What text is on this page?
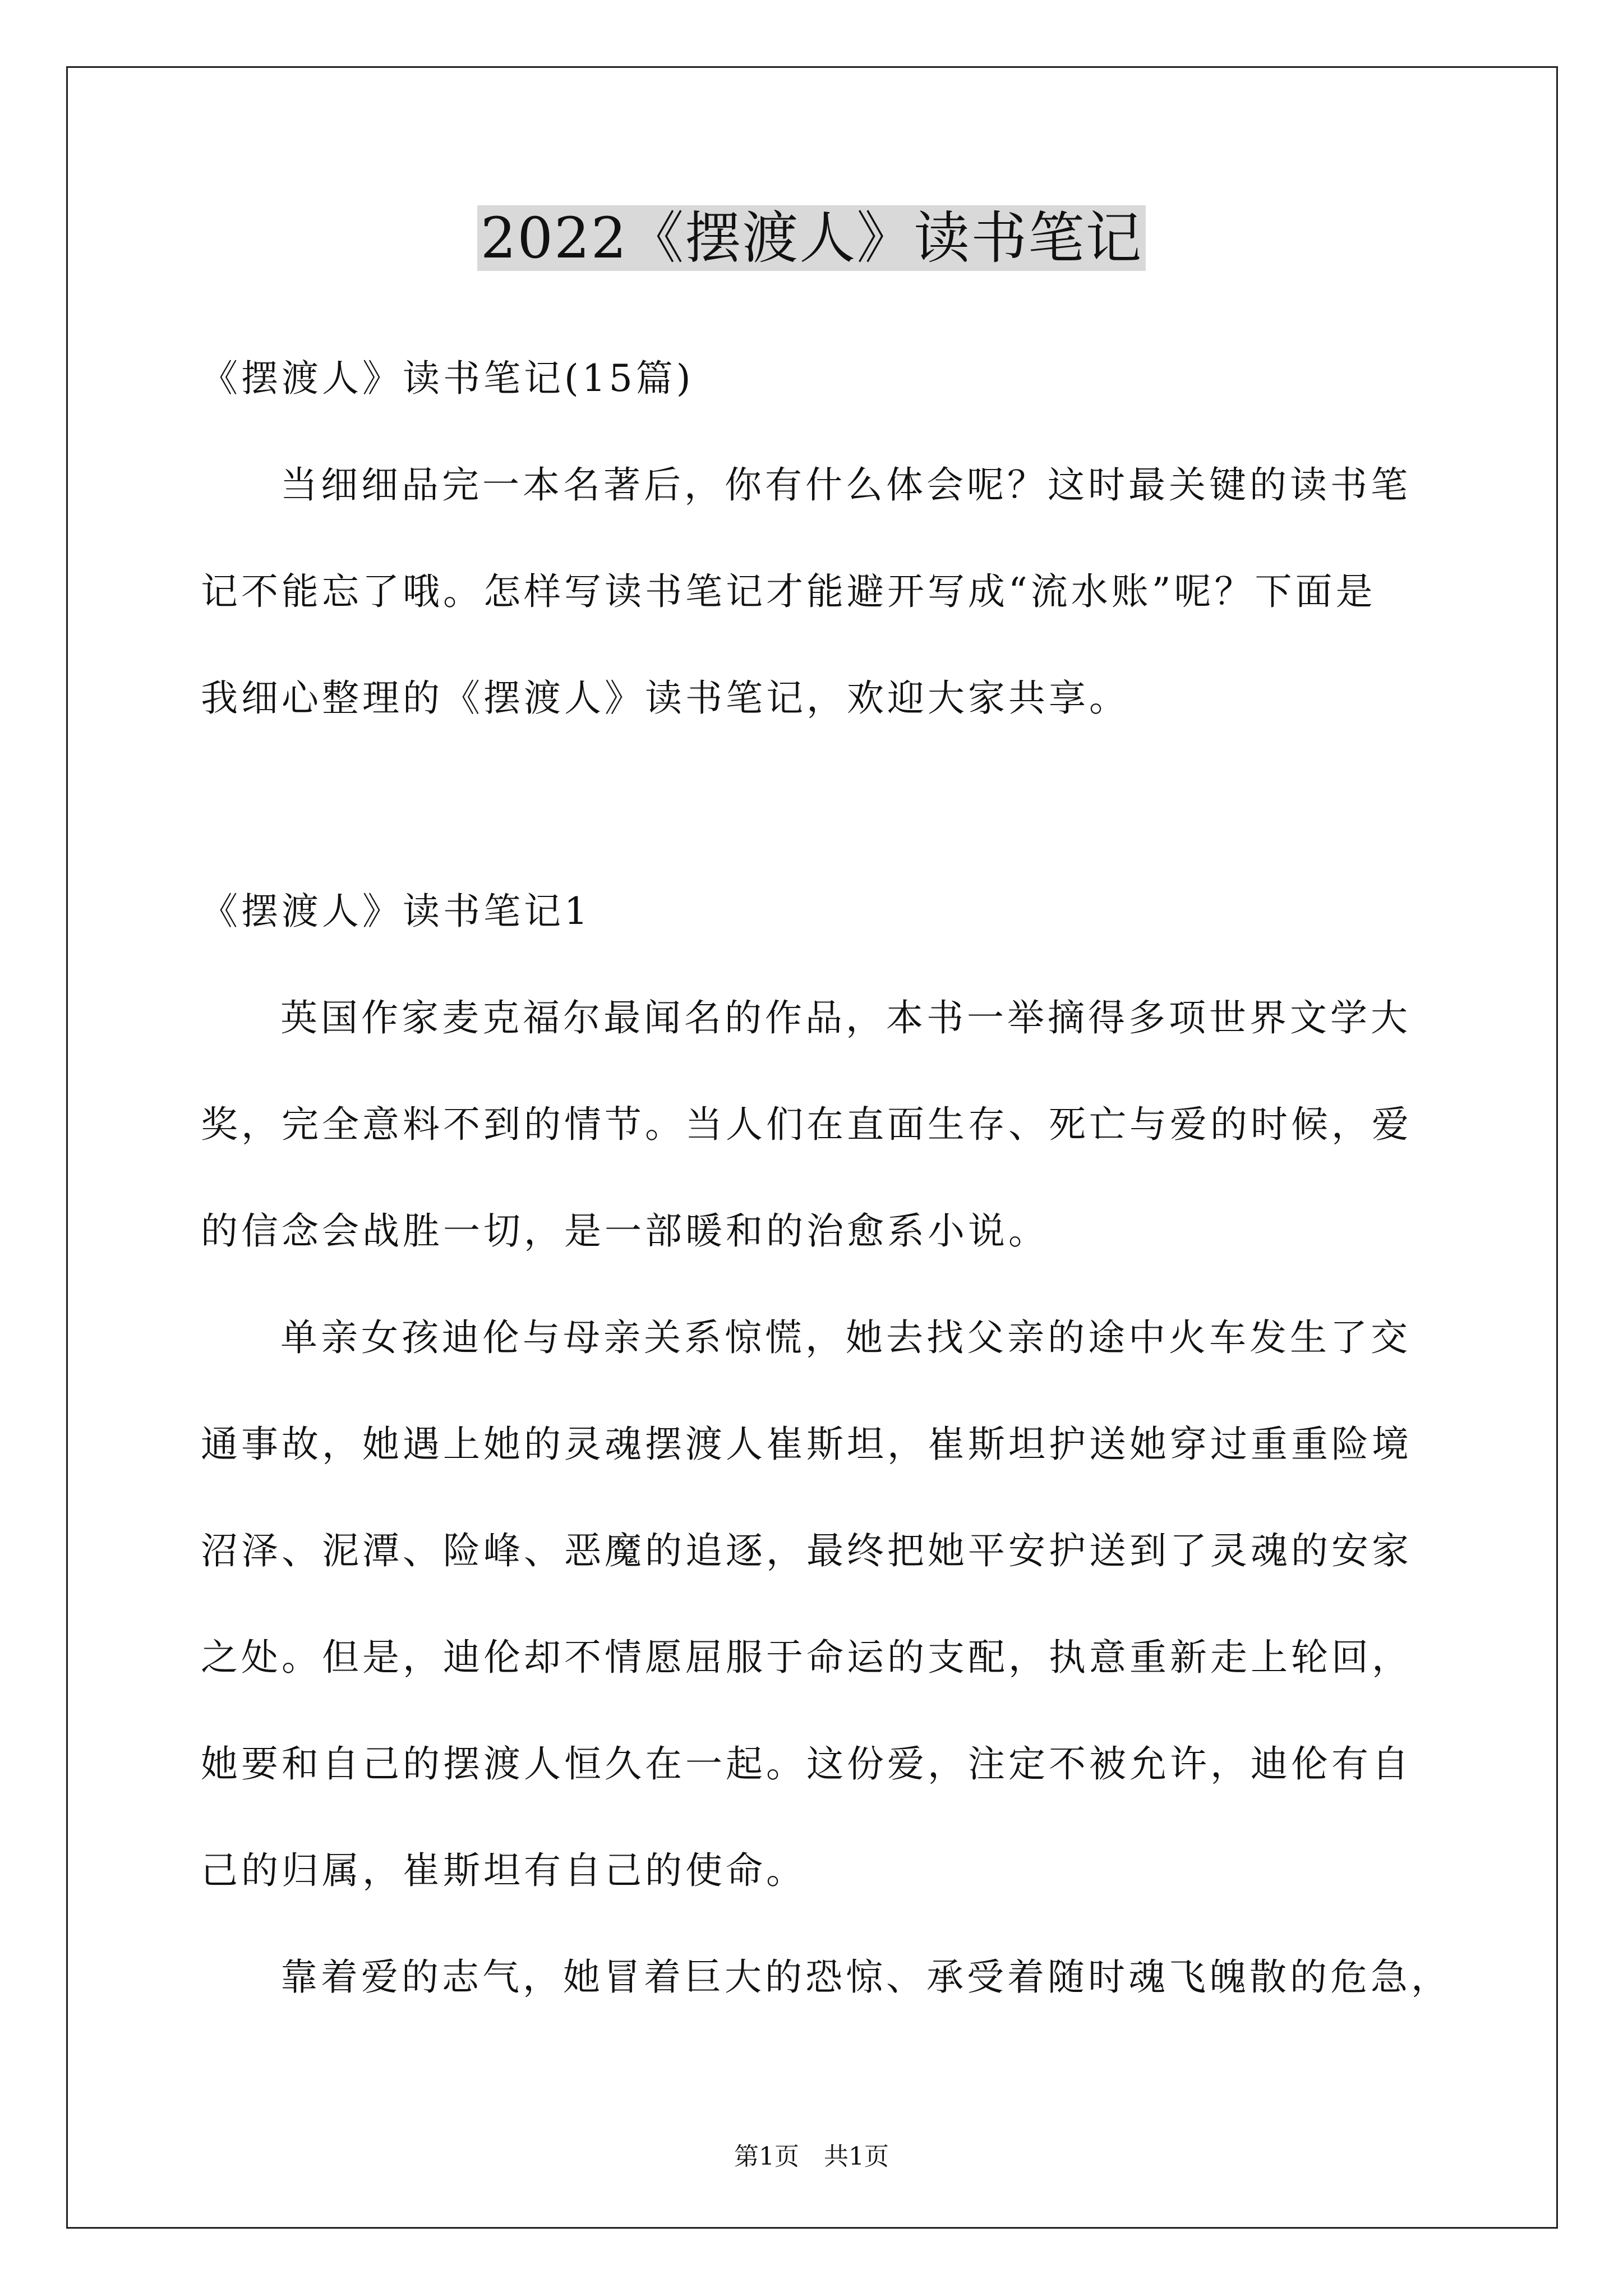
2022《摆渡人》读书笔记
《摆渡人》读书笔记(15篇)
当细细品完一本名著后，你有什么体会呢？这时最关键的读书笔
记不能忘了哦。怎样写读书笔记才能避开写成“流水账”呢？下面是
我细心整理的《摆渡人》读书笔记，欢迎大家共享。
《摆渡人》读书笔记1
英国作家麦克福尔最闻名的作品，本书一举摘得多项世界文学大
奖，完全意料不到的情节。当人们在直面生存、死亡与爱的时候，爱
的信念会战胜一切，是一部暖和的治愈系小说。
单亲女孩迪伦与母亲关系惊慌，她去找父亲的途中火车发生了交
通事故，她遇上她的灵魂摆渡人崔斯坦，崔斯坦护送她穿过重重险境
沼泽、泥潭、险峰、恶魔的追逐，最终把她平安护送到了灵魂的安家
之处。但是，迪伦却不情愿屈服于命运的支配，执意重新走上轮回，
她要和自己的摆渡人恒久在一起。这份爱，注定不被允许，迪伦有自
己的归属，崔斯坦有自己的使命。
靠着爱的志气，她冒着巨大的恐惊、承受着随时魂飞魄散的危急，
第1页　共1页
